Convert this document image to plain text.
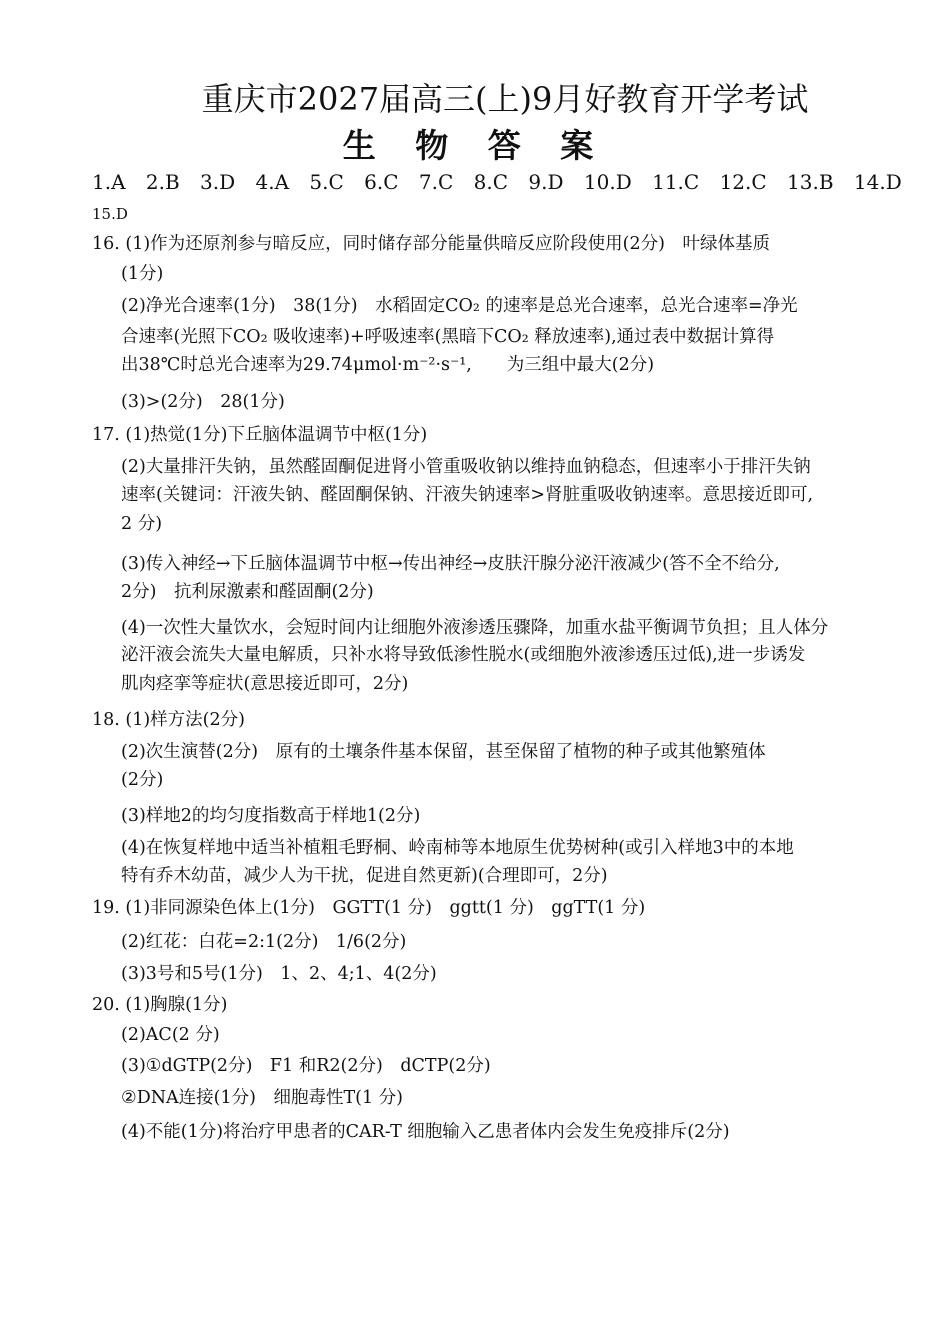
重庆市2027届高三(上)9月好教育开学考试
生 物 答 案
1.A 2.B 3.D 4.A 5.C 6.C 7.C 8.C 9.D 10.D 11.C 12.C 13.B 14.D
15.D
16. (1)作为还原剂参与暗反应，同时储存部分能量供暗反应阶段使用(2分)　叶绿体基质
(1分)
(2)净光合速率(1分)　38(1分)　水稻固定CO₂ 的速率是总光合速率，总光合速率=净光
合速率(光照下CO₂ 吸收速率)+呼吸速率(黑暗下CO₂ 释放速率),通过表中数据计算得
出38℃时总光合速率为29.74μmol·m⁻²·s⁻¹,　　为三组中最大(2分)
(3)>(2分)　28(1分)
17. (1)热觉(1分)下丘脑体温调节中枢(1分)
(2)大量排汗失钠，虽然醛固酮促进肾小管重吸收钠以维持血钠稳态，但速率小于排汗失钠
速率(关键词：汗液失钠、醛固酮保钠、汗液失钠速率>肾脏重吸收钠速率。意思接近即可,
2 分)
(3)传入神经→下丘脑体温调节中枢→传出神经→皮肤汗腺分泌汗液减少(答不全不给分,
2分)　抗利尿激素和醛固酮(2分)
(4)一次性大量饮水，会短时间内让细胞外液渗透压骤降，加重水盐平衡调节负担；且人体分
泌汗液会流失大量电解质，只补水将导致低渗性脱水(或细胞外液渗透压过低),进一步诱发
肌肉痉挛等症状(意思接近即可，2分)
18. (1)样方法(2分)
(2)次生演替(2分)　原有的土壤条件基本保留，甚至保留了植物的种子或其他繁殖体
(2分)
(3)样地2的均匀度指数高于样地1(2分)
(4)在恢复样地中适当补植粗毛野桐、岭南柿等本地原生优势树种(或引入样地3中的本地
特有乔木幼苗，减少人为干扰，促进自然更新)(合理即可，2分)
19. (1)非同源染色体上(1分)　GGTT(1 分)　ggtt(1 分)　ggTT(1 分)
(2)红花：白花=2:1(2分)　1/6(2分)
(3)3号和5号(1分)　1、2、4;1、4(2分)
20. (1)胸腺(1分)
(2)AC(2 分)
(3)①dGTP(2分)　F1 和R2(2分)　dCTP(2分)
②DNA连接(1分)　细胞毒性T(1 分)
(4)不能(1分)将治疗甲患者的CAR-T 细胞输入乙患者体内会发生免疫排斥(2分)
